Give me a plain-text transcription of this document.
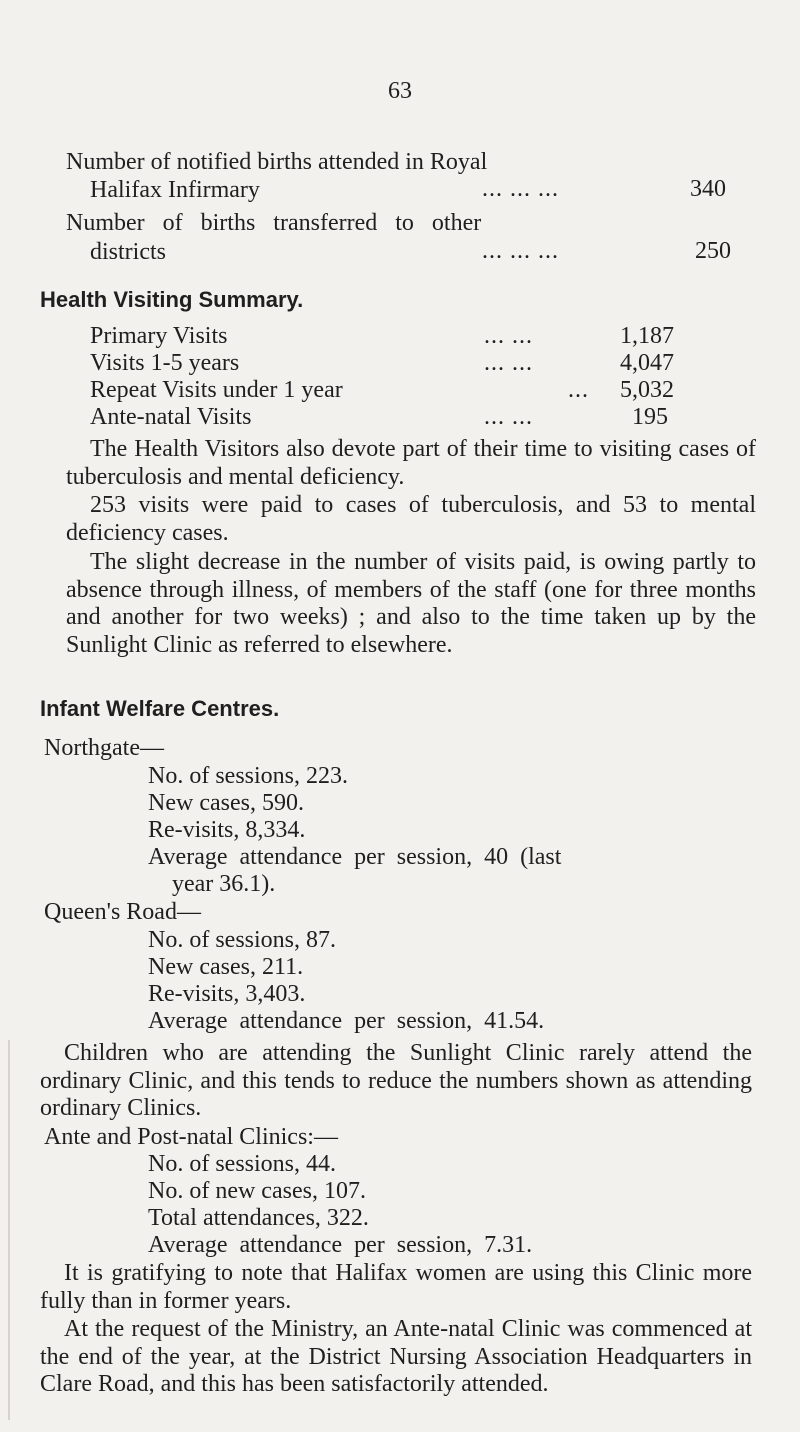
63
Number of notified births attended in Royal
Halifax Infirmary	... ... ...	340
Number of births transferred to other
districts	... ... ...	250
Health Visiting Summary.
Primary Visits	... ...	1,187
Visits 1-5 years	... ...	4,047
Repeat Visits under 1 year	... 5,032
Ante-natal Visits	... ...	195
The Health Visitors also devote part of their time to visiting cases of tuberculosis and mental deficiency.
253 visits were paid to cases of tuberculosis, and 53 to mental deficiency cases.
The slight decrease in the number of visits paid, is owing partly to absence through illness, of members of the staff (one for three months and another for two weeks) ; and also to the time taken up by the Sunlight Clinic as referred to elsewhere.
Infant Welfare Centres.
Northgate—
No. of sessions, 223.
New cases, 590.
Re-visits, 8,334.
Average attendance per session, 40 (last
year 36.1).
Queen's Road—
No. of sessions, 87.
New cases, 211.
Re-visits, 3,403.
Average attendance per session, 41.54.
Children who are attending the Sunlight Clinic rarely attend the ordinary Clinic, and this tends to reduce the numbers shown as attending ordinary Clinics.
Ante and Post-natal Clinics:—
No. of sessions, 44.
No. of new cases, 107.
Total attendances, 322.
Average attendance per session, 7.31.
It is gratifying to note that Halifax women are using this Clinic more fully than in former years.
At the request of the Ministry, an Ante-natal Clinic was commenced at the end of the year, at the District Nursing Association Headquarters in Clare Road, and this has been satisfactorily attended.
